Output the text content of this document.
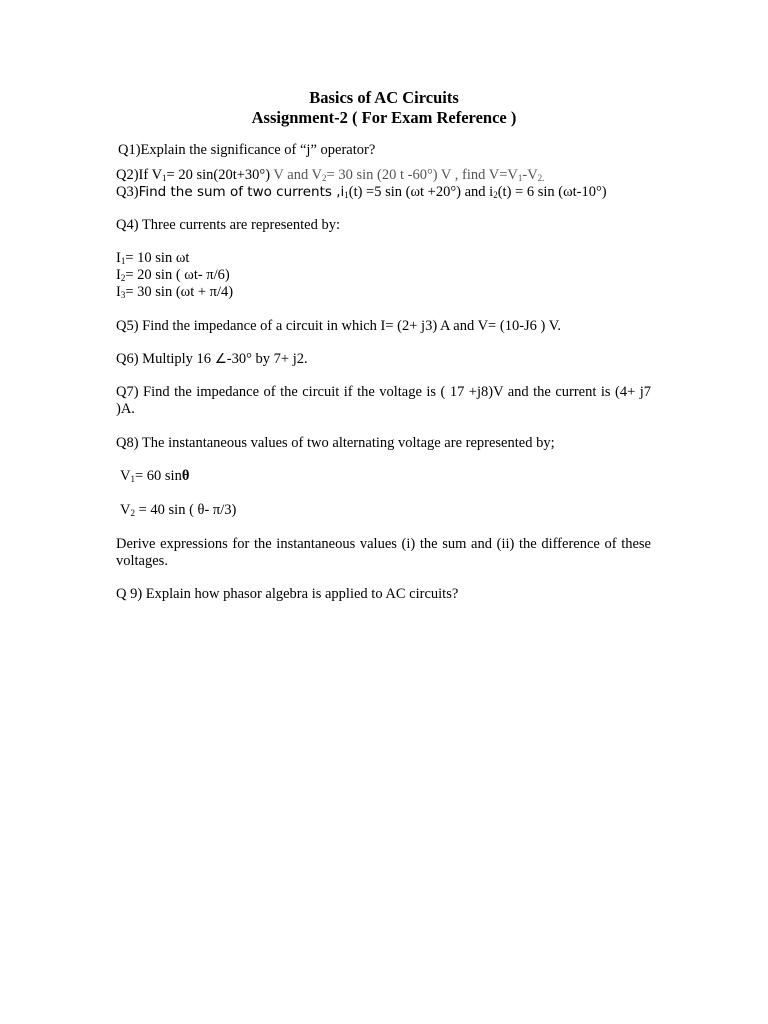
Basics of AC Circuits
Assignment-2 ( For Exam Reference )
Q1)Explain the significance of “j” operator?
Q2)If $V_1= 20$ sin(20t+30°) V and $V_2= 30$ sin (20 t -60°) V , find $V=V_1-V_{2.}$
Q3)Find the sum of two currents $,i_1(t) =5$ sin (ωt +20°) and $i_2(t) = 6$ sin (ωt-10°)
Q4) Three currents are represented by:
$I_1= 10$ sin ωt
$I_2= 20$ sin ( ωt- π/6)
$I_3= 30$ sin (ωt + π/4)
Q5) Find the impedance of a circuit in which I= (2+ j3) A and V= (10-J6 ) V.
Q6) Multiply 16 ∠-30° by 7+ j2.
Q7) Find the impedance of the circuit if the voltage is ( 17 +j8)V and the current is (4+ j7 )A.
Q8) The instantaneous values of two alternating voltage are represented by;
$V_1= 60$ sinθ
$V_2 = 40$ sin ( θ- π/3)
Derive expressions for the instantaneous values (i) the sum and (ii) the difference of these voltages.
Q 9) Explain how phasor algebra is applied to AC circuits?
